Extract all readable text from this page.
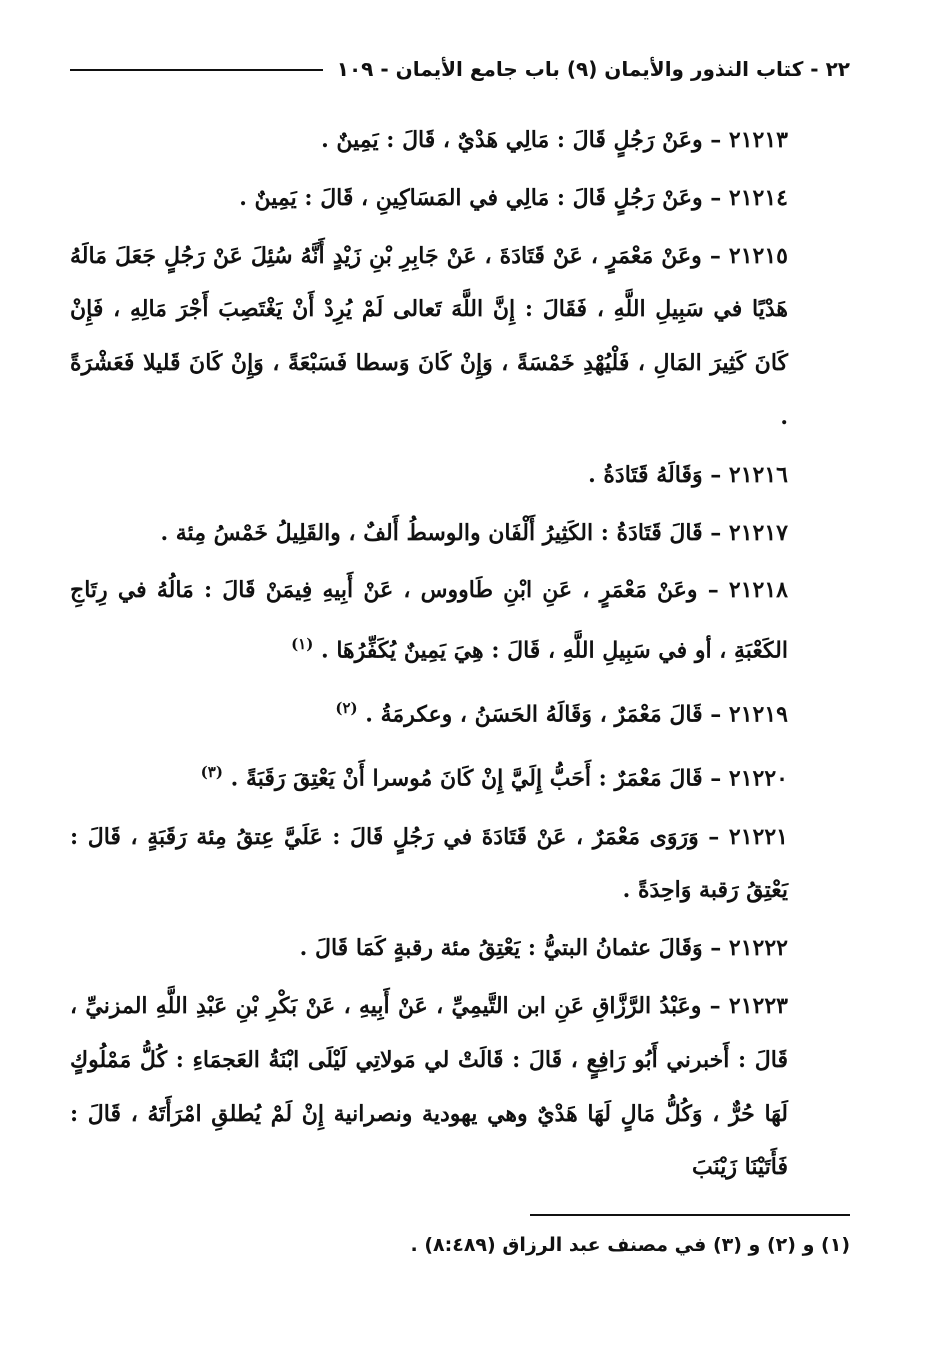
٢٢ - كتاب النذور والأيمان (٩) باب جامع الأيمان - ١٠٩

٢١٢١٣ – وعَنْ رَجُلٍ قَالَ : مَالِي هَدْيٌ ، قَالَ : يَمِينٌ .

٢١٢١٤ – وعَنْ رَجُلٍ قَالَ : مَالِي في المَسَاكِينِ ، قَالَ : يَمِينٌ .

٢١٢١٥ – وعَنْ مَعْمَرٍ ، عَنْ قَتَادَةَ ، عَنْ جَابِرِ بْنِ زَيْدٍ أَنَّهُ سُئِلَ عَنْ رَجُلٍ جَعَلَ مَالَهُ هَدْيًا في سَبِيلِ اللَّهِ ، فَقَالَ : إِنَّ اللَّهَ تَعالى لَمْ يُرِدْ أَنْ يَغْتَصِبَ أَجْرَ مَالِهِ ، فَإِنْ كَانَ كَثِيرَ المَالِ ، فَلْيُهْدِ خَمْسَةً ، وَإِنْ كَانَ وَسطا فَسَبْعَةً ، وَإِنْ كَانَ قَليلا فَعَشْرَةً .

٢١٢١٦ – وَقَالَهُ قَتَادَةُ .

٢١٢١٧ – قَالَ قَتَادَةُ : الكَثِيرُ أَلْفَان والوسطُ أَلفٌ ، والقَلِيلُ خَمْسُ مِئة .

٢١٢١٨ – وعَنْ مَعْمَرٍ ، عَنِ ابْنِ طَاووس ، عَنْ أَبِيهِ فِيمَنْ قَالَ : مَالُهُ في رِتَاجِ الكَعْبَةِ ، أو في سَبِيلِ اللَّهِ ، قَالَ : هِيَ يَمِينٌ يُكَفِّرُهَا . $^{(١)}$

٢١٢١٩ – قَالَ مَعْمَرٌ ، وَقَالَهُ الحَسَنُ ، وعكرمَةُ . $^{(٢)}$

٢١٢٢٠ – قَالَ مَعْمَرٌ : أَحَبُّ إِلَيَّ إِنْ كَانَ مُوسرا أَنْ يَعْتِقَ رَقَبَةً . $^{(٣)}$

٢١٢٢١ – وَرَوَى مَعْمَرٌ ، عَنْ قَتَادَةَ في رَجُلٍ قَالَ : عَلَيَّ عِتقُ مِئة رَقَبَةٍ ، قَالَ : يَعْتِقُ رَقبة وَاحِدَةً .

٢١٢٢٢ – وَقَالَ عثمانُ البتيُّ : يَعْتِقُ مئة رقبةٍ كَمَا قَالَ .

٢١٢٢٣ – وعَبْدُ الرَّزَّاقِ عَنِ ابن التَّيمِيِّ ، عَنْ أَبِيهِ ، عَنْ بَكْرِ بْنِ عَبْدِ اللَّهِ المزنيِّ ، قَالَ : أَخبرني أَبُو رَافِعٍ ، قَالَ : قَالَتْ لي مَولاتِي لَيْلَى ابْنَةُ العَجمَاءِ : كُلُّ مَمْلُوكٍ لَهَا حُرٌّ ، وَكُلُّ مَالٍ لَهَا هَدْيٌ وهي يهودية ونصرانية إِنْ لَمْ يُطلقِ امْرَأَتَهُ ، قَالَ : فَأَتَيْنَا زَيْنَبَ

(١) و (٢) و (٣) في مصنف عبد الرزاق (٨:٤٨٩) .
